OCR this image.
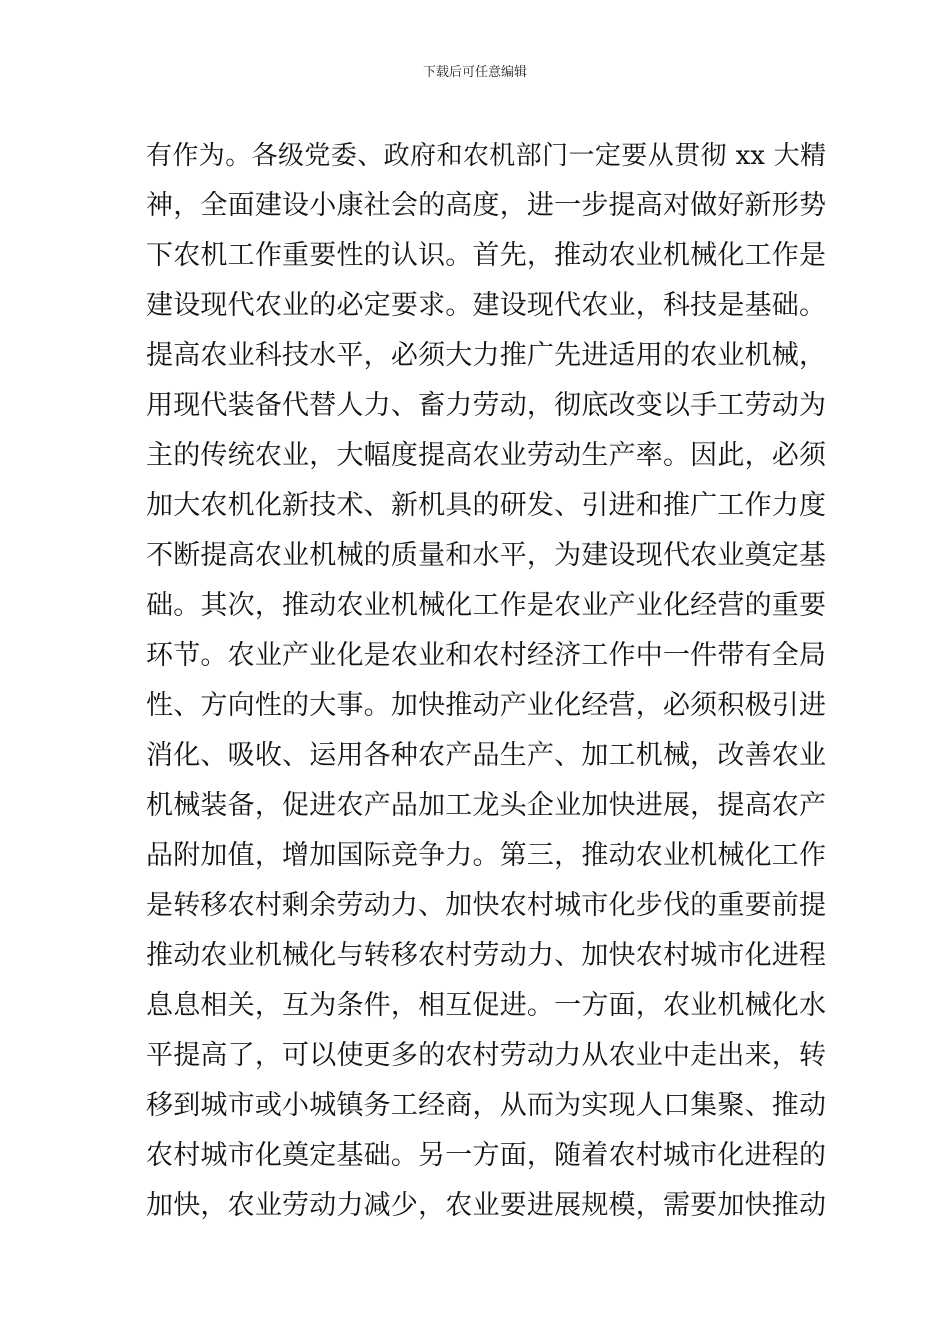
下载后可任意编辑
有作为。各级党委、政府和农机部门一定要从贯彻 xx 大精
神，全面建设小康社会的高度，进一步提高对做好新形势
下农机工作重要性的认识。首先，推动农业机械化工作是
建设现代农业的必定要求。建设现代农业，科技是基础。
提高农业科技水平，必须大力推广先进适用的农业机械，
用现代装备代替人力、畜力劳动，彻底改变以手工劳动为
主的传统农业，大幅度提高农业劳动生产率。因此，必须
加大农机化新技术、新机具的研发、引进和推广工作力度
不断提高农业机械的质量和水平，为建设现代农业奠定基
础。其次，推动农业机械化工作是农业产业化经营的重要
环节。农业产业化是农业和农村经济工作中一件带有全局
性、方向性的大事。加快推动产业化经营，必须积极引进
消化、吸收、运用各种农产品生产、加工机械，改善农业
机械装备，促进农产品加工龙头企业加快进展，提高农产
品附加值，增加国际竞争力。第三，推动农业机械化工作
是转移农村剩余劳动力、加快农村城市化步伐的重要前提
推动农业机械化与转移农村劳动力、加快农村城市化进程
息息相关，互为条件，相互促进。一方面，农业机械化水
平提高了，可以使更多的农村劳动力从农业中走出来，转
移到城市或小城镇务工经商，从而为实现人口集聚、推动
农村城市化奠定基础。另一方面，随着农村城市化进程的
加快，农业劳动力减少，农业要进展规模，需要加快推动
